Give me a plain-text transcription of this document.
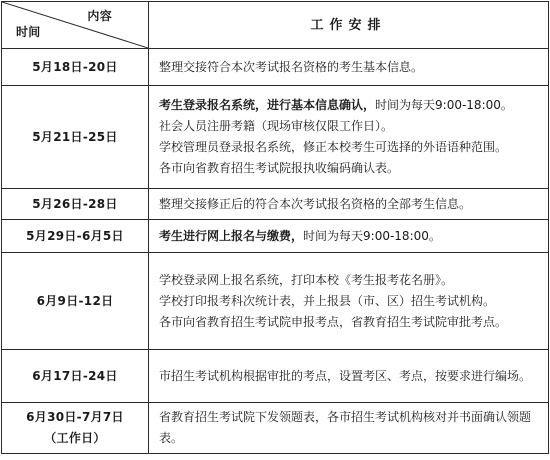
内容
时间	工作安排
5月18日-20日	整理交接符合本次考试报名资格的考生基本信息。

5月21日-25日	考生登录报名系统，进行基本信息确认，时间为每天9:00-18:00。
社会人员注册考籍（现场审核仅限工作日）。
学校管理员登录报名系统，修正本校考生可选择的外语语种范围。
各市向省教育招生考试院报执收编码确认表。

5月26日-28日	整理交接修正后的符合本次考试报名资格的全部考生信息。

5月29日-6月5日	考生进行网上报名与缴费，时间为每天9:00-18:00。

6月9日-12日	学校登录网上报名系统，打印本校《考生报考花名册》。
学校打印报考科次统计表，并上报县（市、区）招生考试机构。
各市向省教育招生考试院申报考点，省教育招生考试院审批考点。

6月17日-24日	市招生考试机构根据审批的考点，设置考区、考点，按要求进行编场。

6月30日-7月7日
（工作日）	省教育招生考试院下发领题表，各市招生考试机构核对并书面确认领题表。
